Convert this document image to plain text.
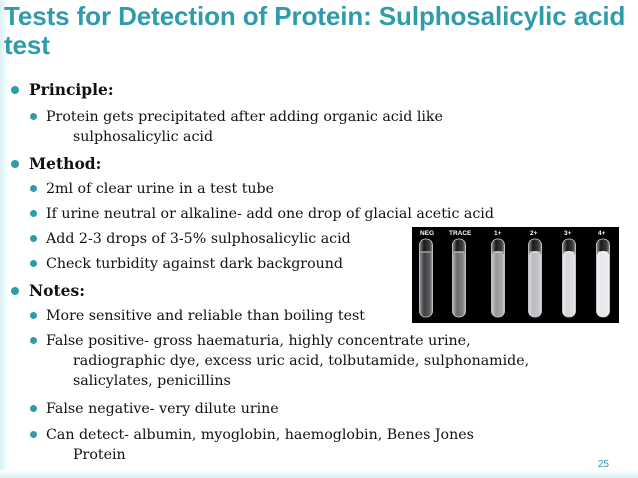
Tests for Detection of Protein: Sulphosalicylic acid test
Principle:
Protein gets precipitated after adding organic acid like
sulphosalicylic acid
Method:
2ml of clear urine in a test tube
If urine neutral or alkaline- add one drop of glacial acetic acid
Add 2-3 drops of 3-5% sulphosalicylic acid
Check turbidity against dark background
Notes:
More sensitive and reliable than boiling test
False positive- gross haematuria, highly concentrate urine,
radiographic dye, excess uric acid, tolbutamide, sulphonamide,
salicylates, penicillins
False negative- very dilute urine
Can detect- albumin, myoglobin, haemoglobin, Benes Jones
Protein
NEG TRACE	1+	2+	3+	4+
25
